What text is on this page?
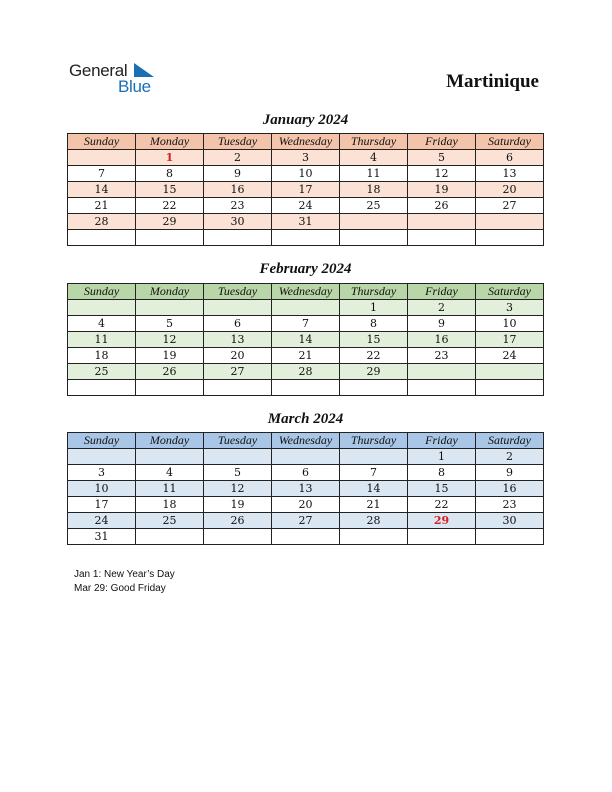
General
Blue	Martinique
January 2024
Sunday	Monday	Tuesday	Wednesday	Thursday	Friday	Saturday
	1	2	3	4	5	6
7	8	9	10	11	12	13
14	15	16	17	18	19	20
21	22	23	24	25	26	27
28	29	30	31			

February 2024
Sunday	Monday	Tuesday	Wednesday	Thursday	Friday	Saturday
				1	2	3
4	5	6	7	8	9	10
11	12	13	14	15	16	17
18	19	20	21	22	23	24
25	26	27	28	29		

March 2024
Sunday	Monday	Tuesday	Wednesday	Thursday	Friday	Saturday
					1	2
3	4	5	6	7	8	9
10	11	12	13	14	15	16
17	18	19	20	21	22	23
24	25	26	27	28	29	30
31						
Jan 1: New Year’s Day
Mar 29: Good Friday
